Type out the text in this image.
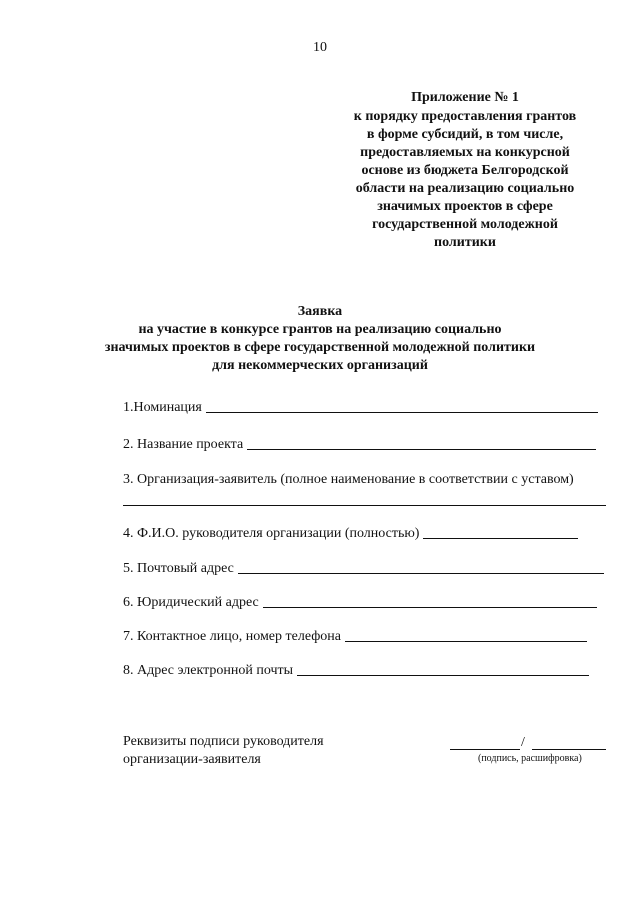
10
Приложение № 1
к порядку предоставления грантов
в форме субсидий, в том числе,
предоставляемых на конкурсной
основе из бюджета Белгородской
области на реализацию социально
значимых проектов в сфере
государственной молодежной
политики
Заявка
на участие в конкурсе грантов на реализацию социально
значимых проектов в сфере государственной молодежной политики
для некоммерческих организаций
1.Номинация
2. Название проекта
3. Организация-заявитель (полное наименование в соответствии с уставом)
4. Ф.И.О. руководителя организации (полностью)
5. Почтовый адрес
6. Юридический адрес
7. Контактное лицо, номер телефона
8. Адрес электронной почты
Реквизиты подписи руководителя
организации-заявителя
/
(подпись, расшифровка)
